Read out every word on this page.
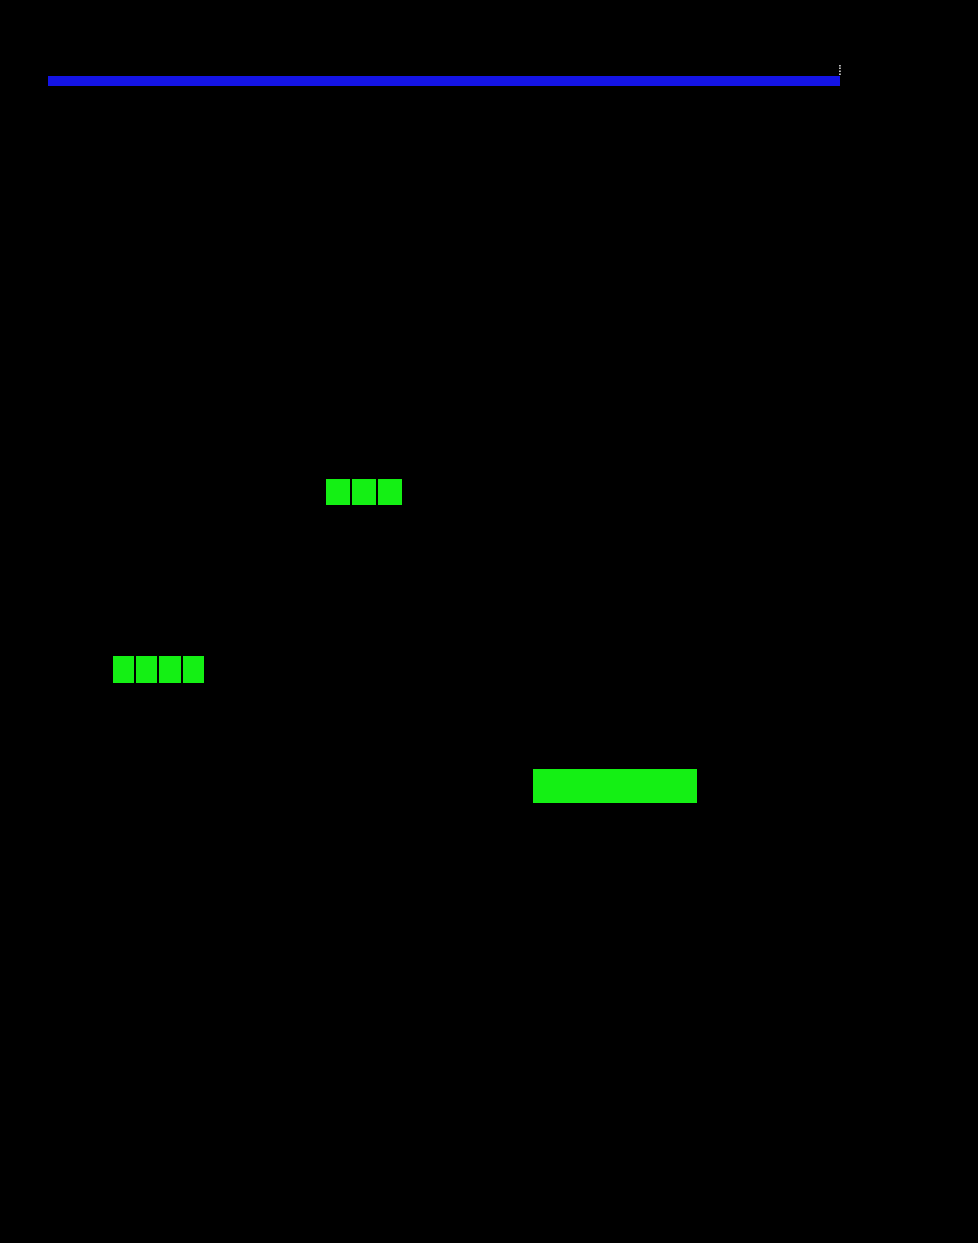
Blayson
⁞
Technical Data Sheet
A7-TGG/09 Jewellery Wax	Provisional
N.B. This TDS will be subject to review after 12 supplied batches.
Penetration/$10^{-1}$ mm
HARD	SOFT
4	6	8	10	12	14	16	18	20
Viscosity/Pa s @ 70°C
LOW	HIGH
0.1	0.2	0.3	0.4	0.5	0.6	0.7	0.8	0.9	1.0	1.1	1.2	1.3	1.4	1.5	1.6	1.7	1.8	1.9
Fluidity
LOW	HIGH
Type of Filler:	NONE
Ash Content:	0.05% Max
Free Linear Contraction:	1.0 - 1.2% ESTIMATED
